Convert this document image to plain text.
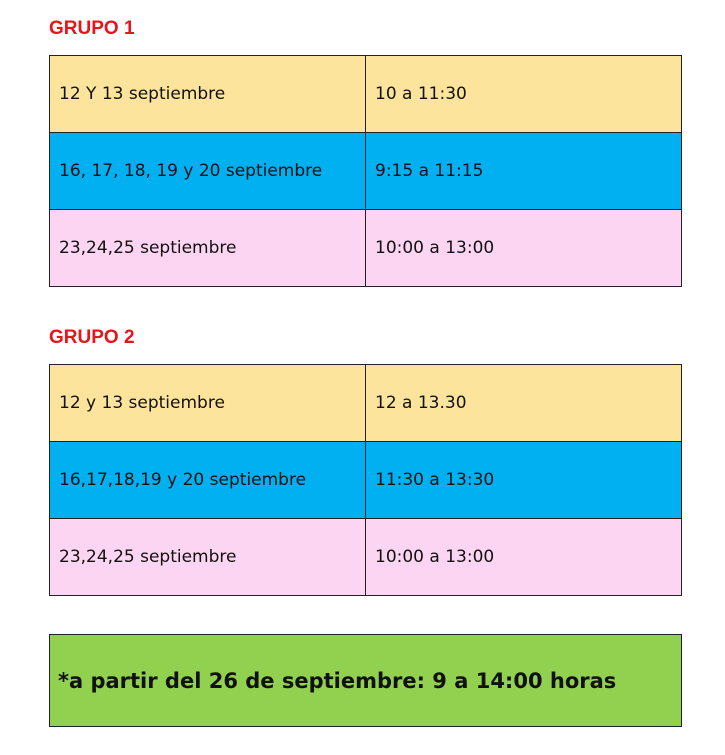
GRUPO 1
12 Y 13 septiembre	10 a 11:30
16, 17, 18, 19 y 20 septiembre	9:15 a 11:15
23,24,25 septiembre	10:00 a 13:00
GRUPO 2
12 y 13 septiembre	12 a 13.30
16,17,18,19 y 20 septiembre	11:30 a 13:30
23,24,25 septiembre	10:00 a 13:00
*a partir del 26 de septiembre: 9 a 14:00 horas
